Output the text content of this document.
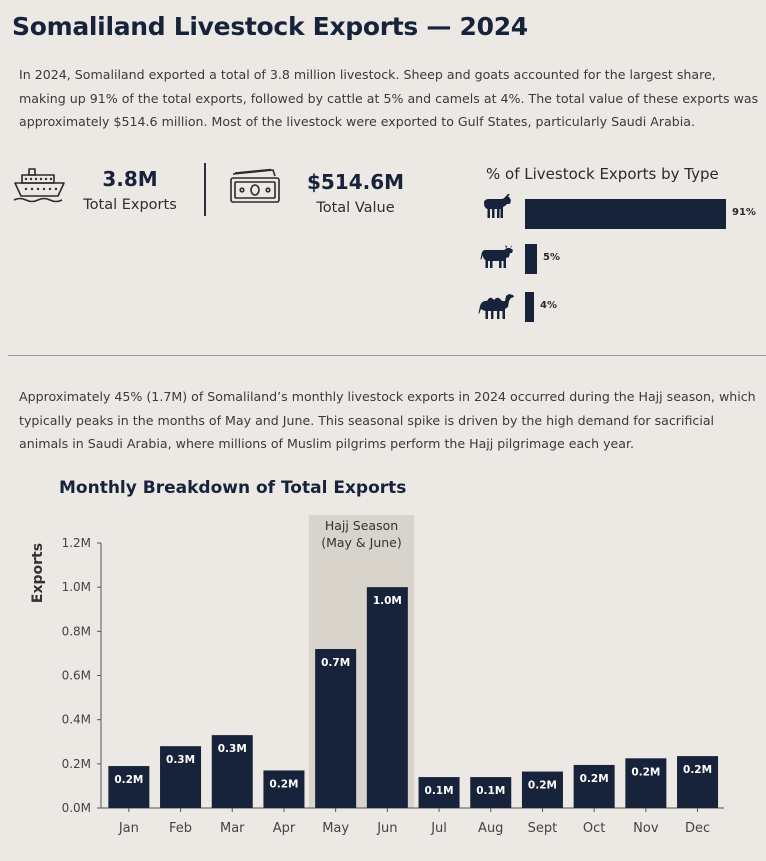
Somaliland Livestock Exports — 2024
In 2024, Somaliland exported a total of 3.8 million livestock. Sheep and goats accounted for the largest share, making up 91% of the total exports, followed by cattle at 5% and camels at 4%. The total value of these exports was approximately $514.6 million. Most of the livestock were exported to Gulf States, particularly Saudi Arabia.
3.8M
Total Exports
$514.6M
Total Value
% of Livestock Exports by Type
91%
5%
4%
Approximately 45% (1.7M) of Somaliland’s monthly livestock exports in 2024 occurred during the Hajj season, which typically peaks in the months of May and June. This seasonal spike is driven by the high demand for sacrificial animals in Saudi Arabia, where millions of Muslim pilgrims perform the Hajj pilgrimage each year.
Monthly Breakdown of Total Exports
Hajj Season
(May & June)
0.0M
0.2M
0.4M
0.6M
0.8M
1.0M
1.2M
Exports
0.2M
Jan
0.3M
Feb
0.3M
Mar
0.2M
Apr
0.7M
May
1.0M
Jun
0.1M
Jul
0.1M
Aug
0.2M
Sept
0.2M
Oct
0.2M
Nov
0.2M
Dec
